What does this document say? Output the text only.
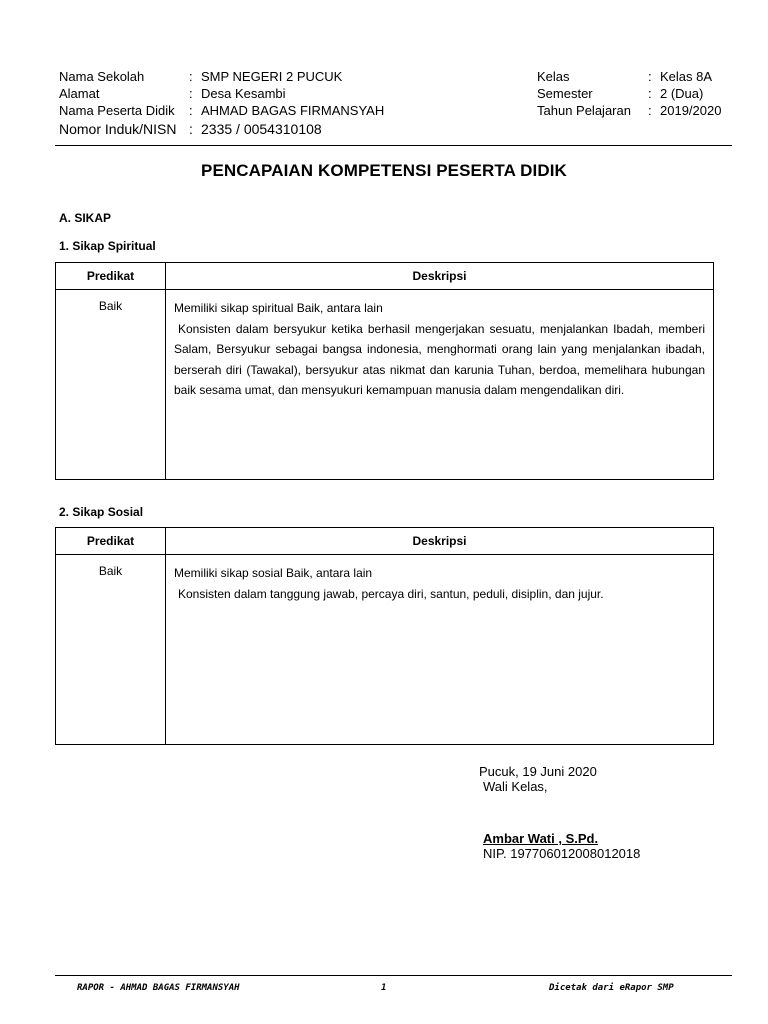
Nama Sekolah	: SMP NEGERI 2 PUCUK
Alamat	: Desa Kesambi
Nama Peserta Didik	: AHMAD BAGAS FIRMANSYAH
Nomor Induk/NISN : 2335 / 0054310108
Kelas	: Kelas 8A
Semester	: 2 (Dua)
Tahun Pelajaran	: 2019/2020
PENCAPAIAN KOMPETENSI PESERTA DIDIK
A. SIKAP
1. Sikap Spiritual
Predikat	Deskripsi
Baik	Memiliki sikap spiritual Baik, antara lain
Konsisten dalam bersyukur ketika berhasil mengerjakan sesuatu, menjalankan Ibadah, memberi Salam, Bersyukur sebagai bangsa indonesia, menghormati orang lain yang menjalankan ibadah, berserah diri (Tawakal), bersyukur atas nikmat dan karunia Tuhan, berdoa, memelihara hubungan baik sesama umat, dan mensyukuri kemampuan manusia dalam mengendalikan diri.
2. Sikap Sosial
Predikat	Deskripsi
Baik	Memiliki sikap sosial Baik, antara lain
Konsisten dalam tanggung jawab, percaya diri, santun, peduli, disiplin, dan jujur.
Pucuk, 19 Juni 2020
Wali Kelas,
Ambar Wati , S.Pd.
NIP. 197706012008012018
RAPOR - AHMAD BAGAS FIRMANSYAH	1	Dicetak dari eRapor SMP
